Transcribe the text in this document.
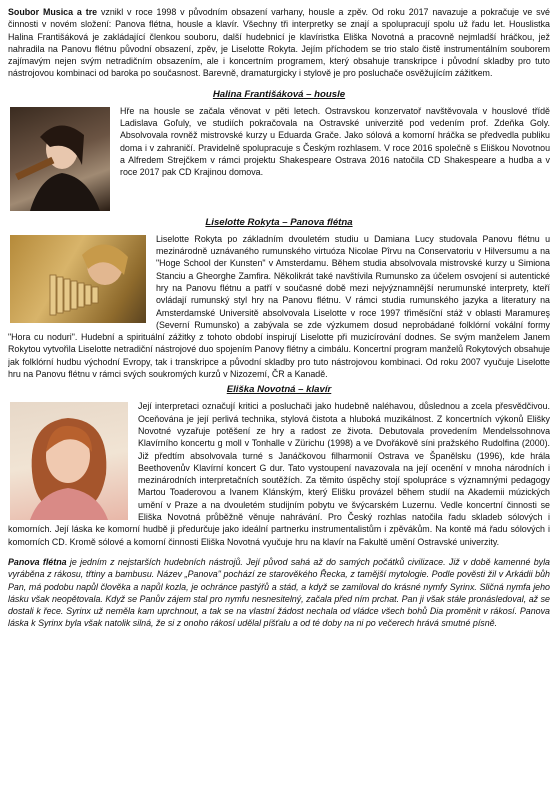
Soubor Musica a tre vznikl v roce 1998 v původním obsazení varhany, housle a zpěv. Od roku 2017 navazuje a pokračuje ve své činnosti v novém složení: Panova flétna, housle a klavír. Všechny tři interpretky se znají a spolupracují spolu už řadu let. Houslistka Halina Františáková je zakládající členkou souboru, další hudebnicí je klavíristka Eliška Novotná a pracovně nejmladší hráčkou, jež nahradila na Panovu flétnu původní obsazení, zpěv, je Liselotte Rokyta. Jejím příchodem se trio stalo čistě instrumentálním souborem zajímavým nejen svým netradičním obsazením, ale i koncertním programem, který obsahuje transkripce i původní skladby pro tuto nástrojovou kombinaci od baroka po současnost. Barevně, dramaturgicky i stylově je pro posluchače osvěžujícím zážitkem.

Halina Františáková – housle

Hře na housle se začala věnovat v pěti letech. Ostravskou konzervatoř navštěvovala v houslové třídě Ladislava Goľuly, ve studiích pokračovala na Ostravské univerzitě pod vedením prof. Zdeňka Goly. Absolvovala rovněž mistrovské kurzy u Eduarda Grače. Jako sólová a komorní hráčka se předvedla publiku doma i v zahraničí. Pravidelně spolupracuje s Českým rozhlasem. V roce 2016 společně s Eliškou Novotnou a Alfredem Strejčkem v rámci projektu Shakespeare Ostrava 2016 natočila CD Shakespeare a hudba a v roce 2017 pak CD Krajinou domova.

Liselotte Rokyta – Panova flétna

Liselotte Rokyta po základním dvouletém studiu u Damiana Lucy studovala Panovu flétnu u mezinárodně uznávaného rumunského virtuóza Nicolae Pîrvu na Conservatoriu v Hilversumu a na "Hoge School der Kunsten" v Amsterdamu. Během studia absolvovala mistrovské kurzy u Simiona Stanciu a Gheorghe Zamfira. Několikrát také navštívila Rumunsko za účelem osvojení si autentické hry na Panovu flétnu a patří v současné době mezi nejvýznamnější nerumunské interprety, kteří ovládají rumunský styl hry na Panovu flétnu. V rámci studia rumunského jazyka a literatury na Amsterdamské Universitě absolvovala Liselotte v roce 1997 třiměsíční stáž v oblasti Maramureş (Severní Rumunsko) a zabývala se zde výzkumem dosud neprobádané folklórní vokální formy "Hora cu noduri". Hudební a spirituální zážitky z tohoto období inspirují Liselotte při muzicírování dodnes. Se svým manželem Janem Rokytou vytvořila Liselotte netradiční nástrojové duo spojením Panovy flétny a cimbálu. Koncertní program manželů Rokytových obsahuje jak folklórní hudbu východní Evropy, tak i transkripce a původní skladby pro tuto nástrojovou kombinaci. Od roku 2007 vyučuje Liselotte hru na Panovu flétnu v rámci svých soukromých kurzů v Nizozemí, ČR a Kanadě.

Eliška Novotná – klavír

Její interpretaci označují kritici a posluchači jako hudebně naléhavou, důslednou a zcela přesvědčivou. Oceňována je její perlivá technika, stylová čistota a hluboká muzikálnost. Z koncertních výkonů Elišky Novotné vyzařuje potěšení ze hry a radost ze života. Debutovala provedením Mendelssohnova Klavírního koncertu g moll v Tonhalle v Zürichu (1998) a ve Dvořákově síni pražského Rudolfina (2000). Již předtím absolvovala turné s Janáčkovou filharmonií Ostrava ve Španělsku (1996), kde hrála Beethovenův Klavírní koncert G dur. Tato vystoupení navazovala na její ocenění v mnoha národních i mezinárodních interpretačních soutěžích. Za těmito úspěchy stojí spolupráce s významnými pedagogy Martou Toaderovou a Ivanem Klánským, který Elišku provázel během studií na Akademii múzických umění v Praze a na dvouletém studijním pobytu ve švýcarském Luzernu. Vedle koncertní činnosti se Eliška Novotná průběžně věnuje nahrávání. Pro Český rozhlas natočila řadu skladeb sólových i komorních. Její láska ke komorní hudbě ji předurčuje jako ideální partnerku instrumentalistům i zpěvákům. Na kontě má řadu sólových i komorních CD. Kromě sólové a komorní činnosti Eliška Novotná vyučuje hru na klavír na Fakultě umění Ostravské univerzity.

Panova flétna je jedním z nejstarších hudebních nástrojů. Její původ sahá až do samých počátků civilizace. Již v době kamenné byla vyráběna z rákosu, třtiny a bambusu. Název „Panova" pochází ze starověkého Řecka, z tamější mytologie. Podle pověsti žil v Arkádii bůh Pan, má podobu napůl člověka a napůl kozla, je ochránce pastýřů a stád, a když se zamiloval do krásné nymfy Syrinx. Sličná nymfa jeho lásku však neopětovala. Když se Panův zájem stal pro nymfu nesnesitelný, začala před ním prchat. Pan ji však stále pronásledoval, až se dostali k řece. Syrinx už neměla kam uprchnout, a tak se na vlastní žádost nechala od vládce všech bohů Dia proměnit v rákosí. Panova láska k Syrinx byla však natolik silná, že si z onoho rákosí udělal píšťalu a od té doby na ni po večerech hrává smutné písně.
